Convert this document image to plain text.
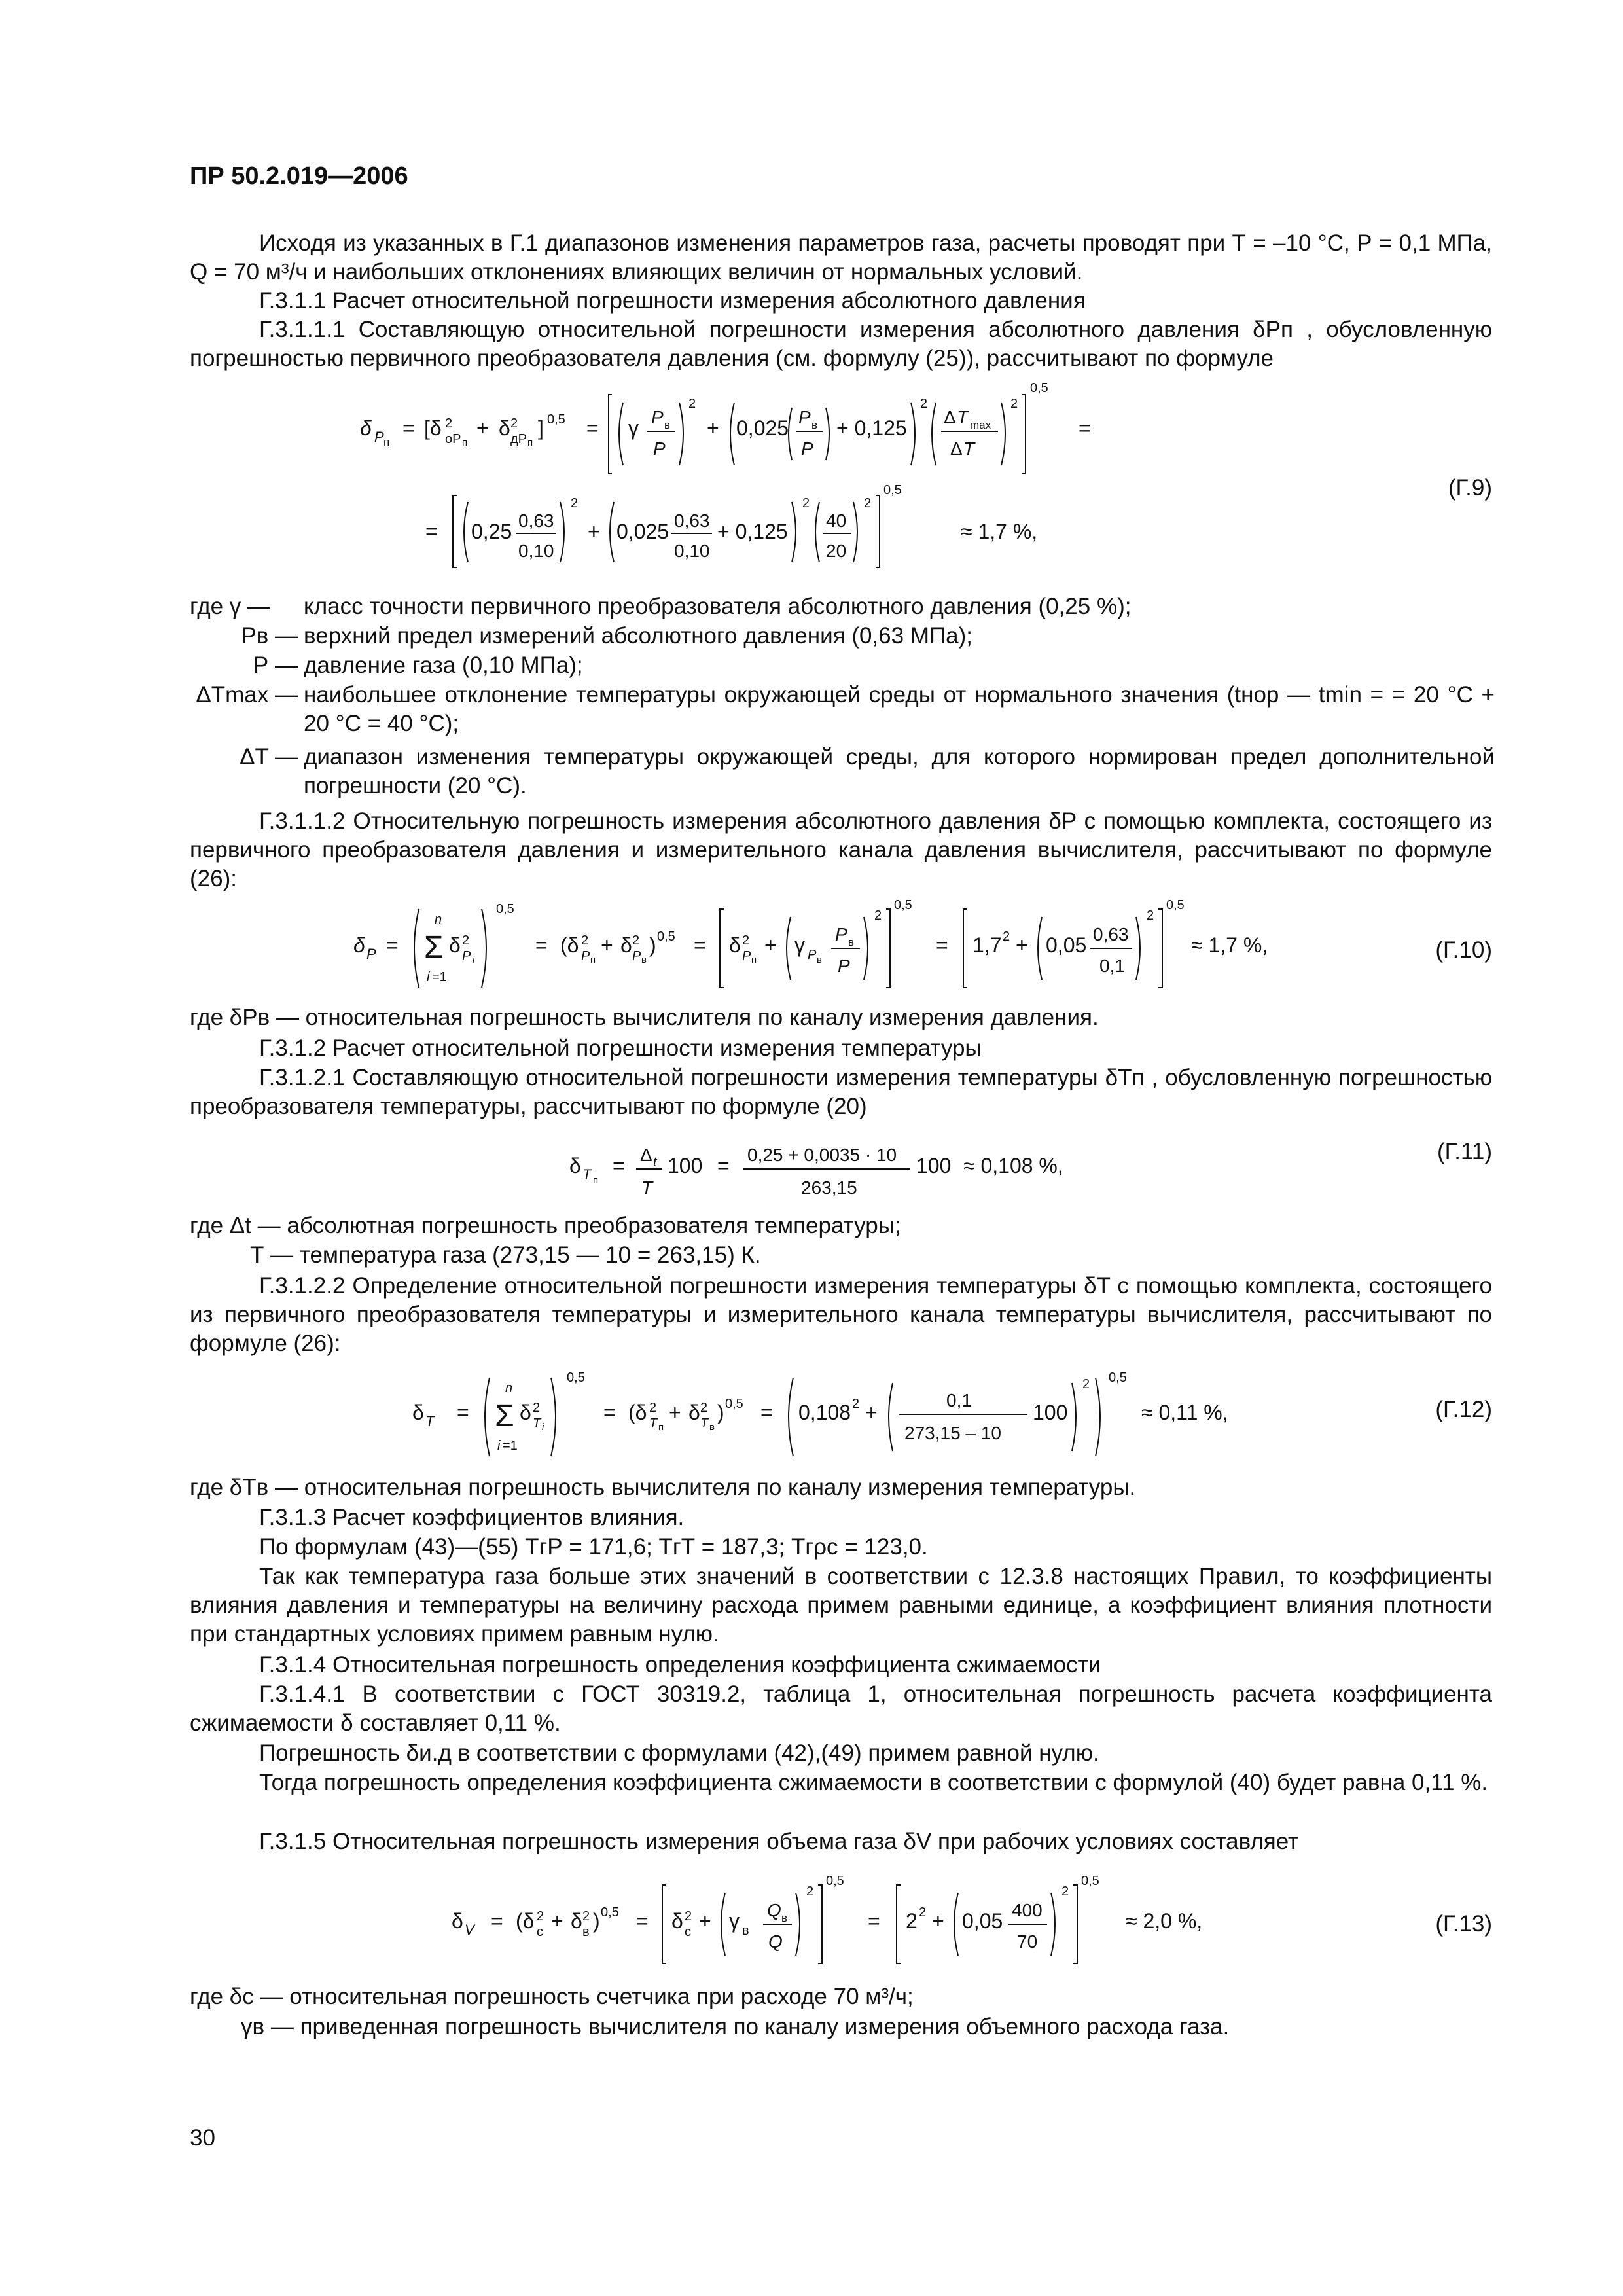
ПР 50.2.019—2006
Исходя из указанных в Г.1 диапазонов изменения параметров газа, расчеты проводят при Т = –10 °С, Р = 0,1 МПа, Q = 70 м³/ч и наибольших отклонениях влияющих величин от нормальных условий.
Г.3.1.1 Расчет относительной погрешности измерения абсолютного давления
Г.3.1.1.1 Составляющую относительной погрешности измерения абсолютного давления δPп , обусловленную погрешностью первичного преобразователя давления (см. формулу (25)), рассчитывают по формуле
δ P п
= [δ 2
оP п
+ δ 2
дP п
] 0,5 = γ P в
P
2
+ 0,025 P в
P
+ 0,125
2
Δ T max
Δ T
2
0,5
=
= 0,25 0,63
0,10
2
+ 0,025 0,63
0,10
+ 0,125
2
40
20
2
0,5
≈ 1,7 %,
(Г.9)
где γ —	класс точности первичного преобразователя абсолютного давления (0,25 %);
Рв — верхний предел измерений абсолютного давления (0,63 МПа);
Р — давление газа (0,10 МПа);
ΔTmax — наибольшее отклонение температуры окружающей среды от нормального значения (tнор — tmin = = 20 °С + 20 °С = 40 °С);
ΔT — диапазон изменения температуры окружающей среды, для которого нормирован предел дополнительной погрешности (20 °С).
Г.3.1.1.2 Относительную погрешность измерения абсолютного давления δP с помощью комплекта, состоящего из первичного преобразователя давления и измерительного канала давления вычислителя, рассчитывают по формуле (26):
δ P =
n
Σ δ 2
P i
i =1
0,5
= (δ 2
P п
+ δ 2
P в
) 0,5 = δ 2
P п
+ γ P в
P в
P
2
0,5
= 1,7 2 + 0,05 0,63
0,1
2
0,5
≈ 1,7 %,	(Г.10)
где δPв — относительная погрешность вычислителя по каналу измерения давления.
Г.3.1.2 Расчет относительной погрешности измерения температуры
Г.3.1.2.1 Составляющую относительной погрешности измерения температуры δTп , обусловленную погрешностью преобразователя температуры, рассчитывают по формуле (20)
δ T п
= Δ t
T
100 = 0,25 + 0,0035 · 10
263,15
100 ≈ 0,108 %,
(Г.11)
где Δt — абсолютная погрешность преобразователя температуры;
Т — температура газа (273,15 — 10 = 263,15) К.
Г.3.1.2.2 Определение относительной погрешности измерения температуры δT с помощью комплекта, состоящего из первичного преобразователя температуры и измерительного канала температуры вычислителя, рассчитывают по формуле (26):
δ T =
n
Σ δ 2
T i
i =1
0,5
= (δ 2
T п
+ δ 2
T в
) 0,5 = 0,108 2 +
0,1
273,15 – 10
100
2 0,5
≈ 0,11 %,	(Г.12)
где δTв — относительная погрешность вычислителя по каналу измерения температуры.
Г.3.1.3 Расчет коэффициентов влияния.
По формулам (43)—(55) ТгР = 171,6; ТгТ = 187,3; Тгρс = 123,0.
Так как температура газа больше этих значений в соответствии с 12.3.8 настоящих Правил, то коэффициенты влияния давления и температуры на величину расхода примем равными единице, а коэффициент влияния плотности при стандартных условиях примем равным нулю.
Г.3.1.4 Относительная погрешность определения коэффициента сжимаемости
Г.3.1.4.1 В соответствии с ГОСТ 30319.2, таблица 1, относительная погрешность расчета коэффициента сжимаемости δ составляет 0,11 %.
Погрешность δи.д в соответствии с формулами (42),(49) примем равной нулю.
Тогда погрешность определения коэффициента сжимаемости в соответствии с формулой (40) будет равна 0,11 %.
Г.3.1.5 Относительная погрешность измерения объема газа δV при рабочих условиях составляет
δ V = (δ 2
с + δ 2
в ) 0,5 = δ 2
с + γ в
Q в
Q
2
0,5
= 2 2 + 0,05 400
70
2
0,5
≈ 2,0 %,	(Г.13)
где δс — относительная погрешность счетчика при расходе 70 м³/ч;
γв — приведенная погрешность вычислителя по каналу измерения объемного расхода газа.
30
